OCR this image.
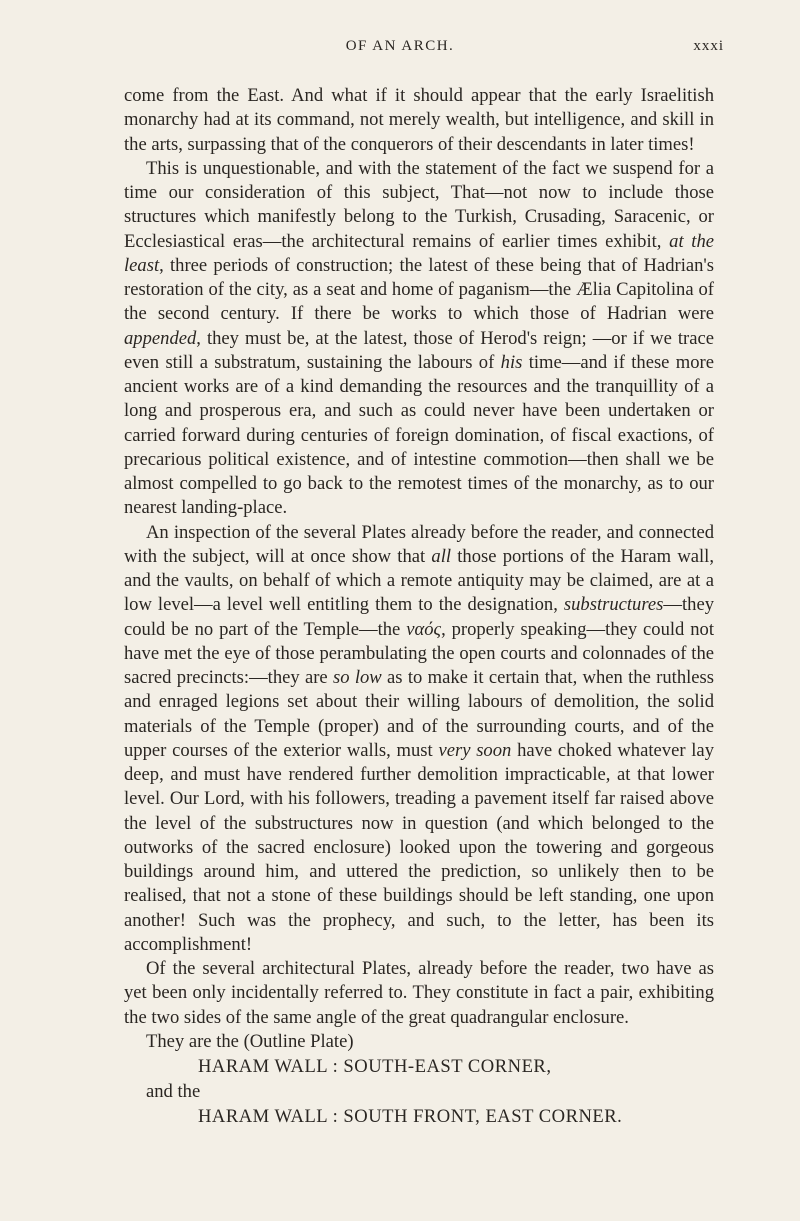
OF AN ARCH.	xxxi

come from the East. And what if it should appear that the early Israelitish monarchy had at its command, not merely wealth, but intelligence, and skill in the arts, surpassing that of the conquerors of their descendants in later times!

This is unquestionable, and with the statement of the fact we suspend for a time our consideration of this subject, That—not now to include those structures which manifestly belong to the Turkish, Crusading, Saracenic, or Ecclesiastical eras—the architectural remains of earlier times exhibit, at the least, three periods of construction; the latest of these being that of Hadrian's restoration of the city, as a seat and home of paganism—the Ælia Capitolina of the second century. If there be works to which those of Hadrian were appended, they must be, at the latest, those of Herod's reign; —or if we trace even still a substratum, sustaining the labours of his time—and if these more ancient works are of a kind demanding the resources and the tranquillity of a long and prosperous era, and such as could never have been undertaken or carried forward during centuries of foreign domination, of fiscal exactions, of precarious political existence, and of intestine commotion—then shall we be almost compelled to go back to the remotest times of the monarchy, as to our nearest landing-place.

An inspection of the several Plates already before the reader, and connected with the subject, will at once show that all those portions of the Haram wall, and the vaults, on behalf of which a remote antiquity may be claimed, are at a low level—a level well entitling them to the designation, substructures—they could be no part of the Temple—the ναός, properly speaking—they could not have met the eye of those perambulating the open courts and colonnades of the sacred precincts:—they are so low as to make it certain that, when the ruthless and enraged legions set about their willing labours of demolition, the solid materials of the Temple (proper) and of the surrounding courts, and of the upper courses of the exterior walls, must very soon have choked whatever lay deep, and must have rendered further demolition impracticable, at that lower level. Our Lord, with his followers, treading a pavement itself far raised above the level of the substructures now in question (and which belonged to the outworks of the sacred enclosure) looked upon the towering and gorgeous buildings around him, and uttered the prediction, so unlikely then to be realised, that not a stone of these buildings should be left standing, one upon another! Such was the prophecy, and such, to the letter, has been its accomplishment!

Of the several architectural Plates, already before the reader, two have as yet been only incidentally referred to. They constitute in fact a pair, exhibiting the two sides of the same angle of the great quadrangular enclosure.

They are the (Outline Plate)

HARAM WALL : SOUTH-EAST CORNER,

and the

HARAM WALL : SOUTH FRONT, EAST CORNER.
